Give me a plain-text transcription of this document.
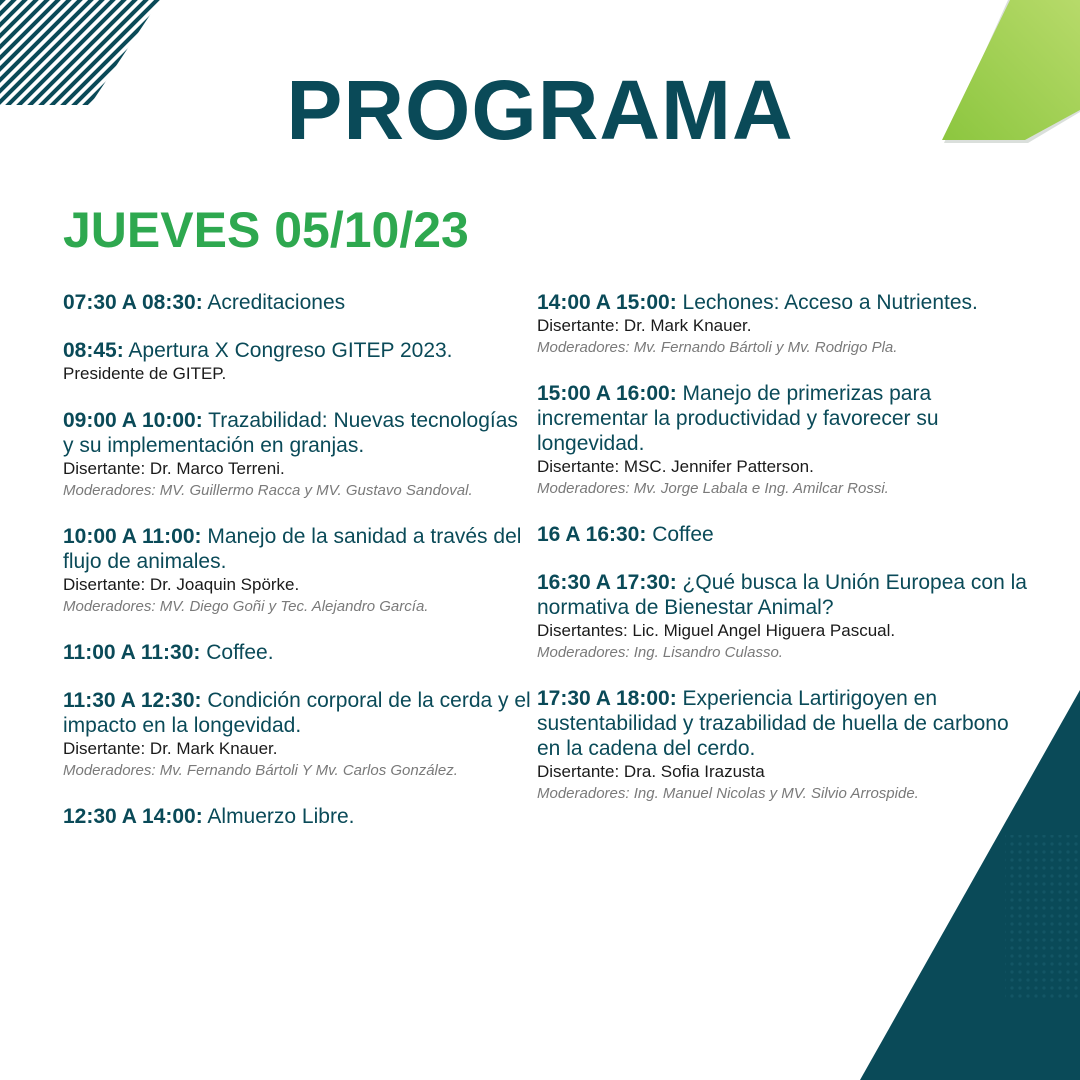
PROGRAMA
JUEVES 05/10/23
07:30 A 08:30: Acreditaciones
08:45: Apertura X Congreso GITEP 2023.
Presidente de GITEP.
09:00 A 10:00: Trazabilidad: Nuevas tecnologías y su implementación en granjas.
Disertante: Dr. Marco Terreni.
Moderadores: MV. Guillermo Racca y MV. Gustavo Sandoval.
10:00 A 11:00: Manejo de la sanidad a través del flujo de animales.
Disertante: Dr. Joaquin Spörke.
Moderadores: MV. Diego Goñi y Tec. Alejandro García.
11:00 A 11:30: Coffee.
11:30 A 12:30: Condición corporal de la cerda y el impacto en la longevidad.
Disertante: Dr. Mark Knauer.
Moderadores: Mv. Fernando Bártoli Y Mv. Carlos González.
12:30 A 14:00: Almuerzo Libre.
14:00 A 15:00: Lechones: Acceso a Nutrientes.
Disertante: Dr. Mark Knauer.
Moderadores: Mv. Fernando Bártoli y Mv. Rodrigo Pla.
15:00 A 16:00: Manejo de primerizas para incrementar la productividad y favorecer su longevidad.
Disertante: MSC. Jennifer Patterson.
Moderadores: Mv. Jorge Labala e Ing. Amilcar Rossi.
16 A 16:30: Coffee
16:30 A 17:30: ¿Qué busca la Unión Europea con la normativa de Bienestar Animal?
Disertantes: Lic. Miguel Angel Higuera Pascual.
Moderadores: Ing. Lisandro Culasso.
17:30 A 18:00: Experiencia Lartirigoyen en sustentabilidad y trazabilidad de huella de carbono en la cadena del cerdo.
Disertante: Dra. Sofia Irazusta
Moderadores: Ing. Manuel Nicolas y MV. Silvio Arrospide.
